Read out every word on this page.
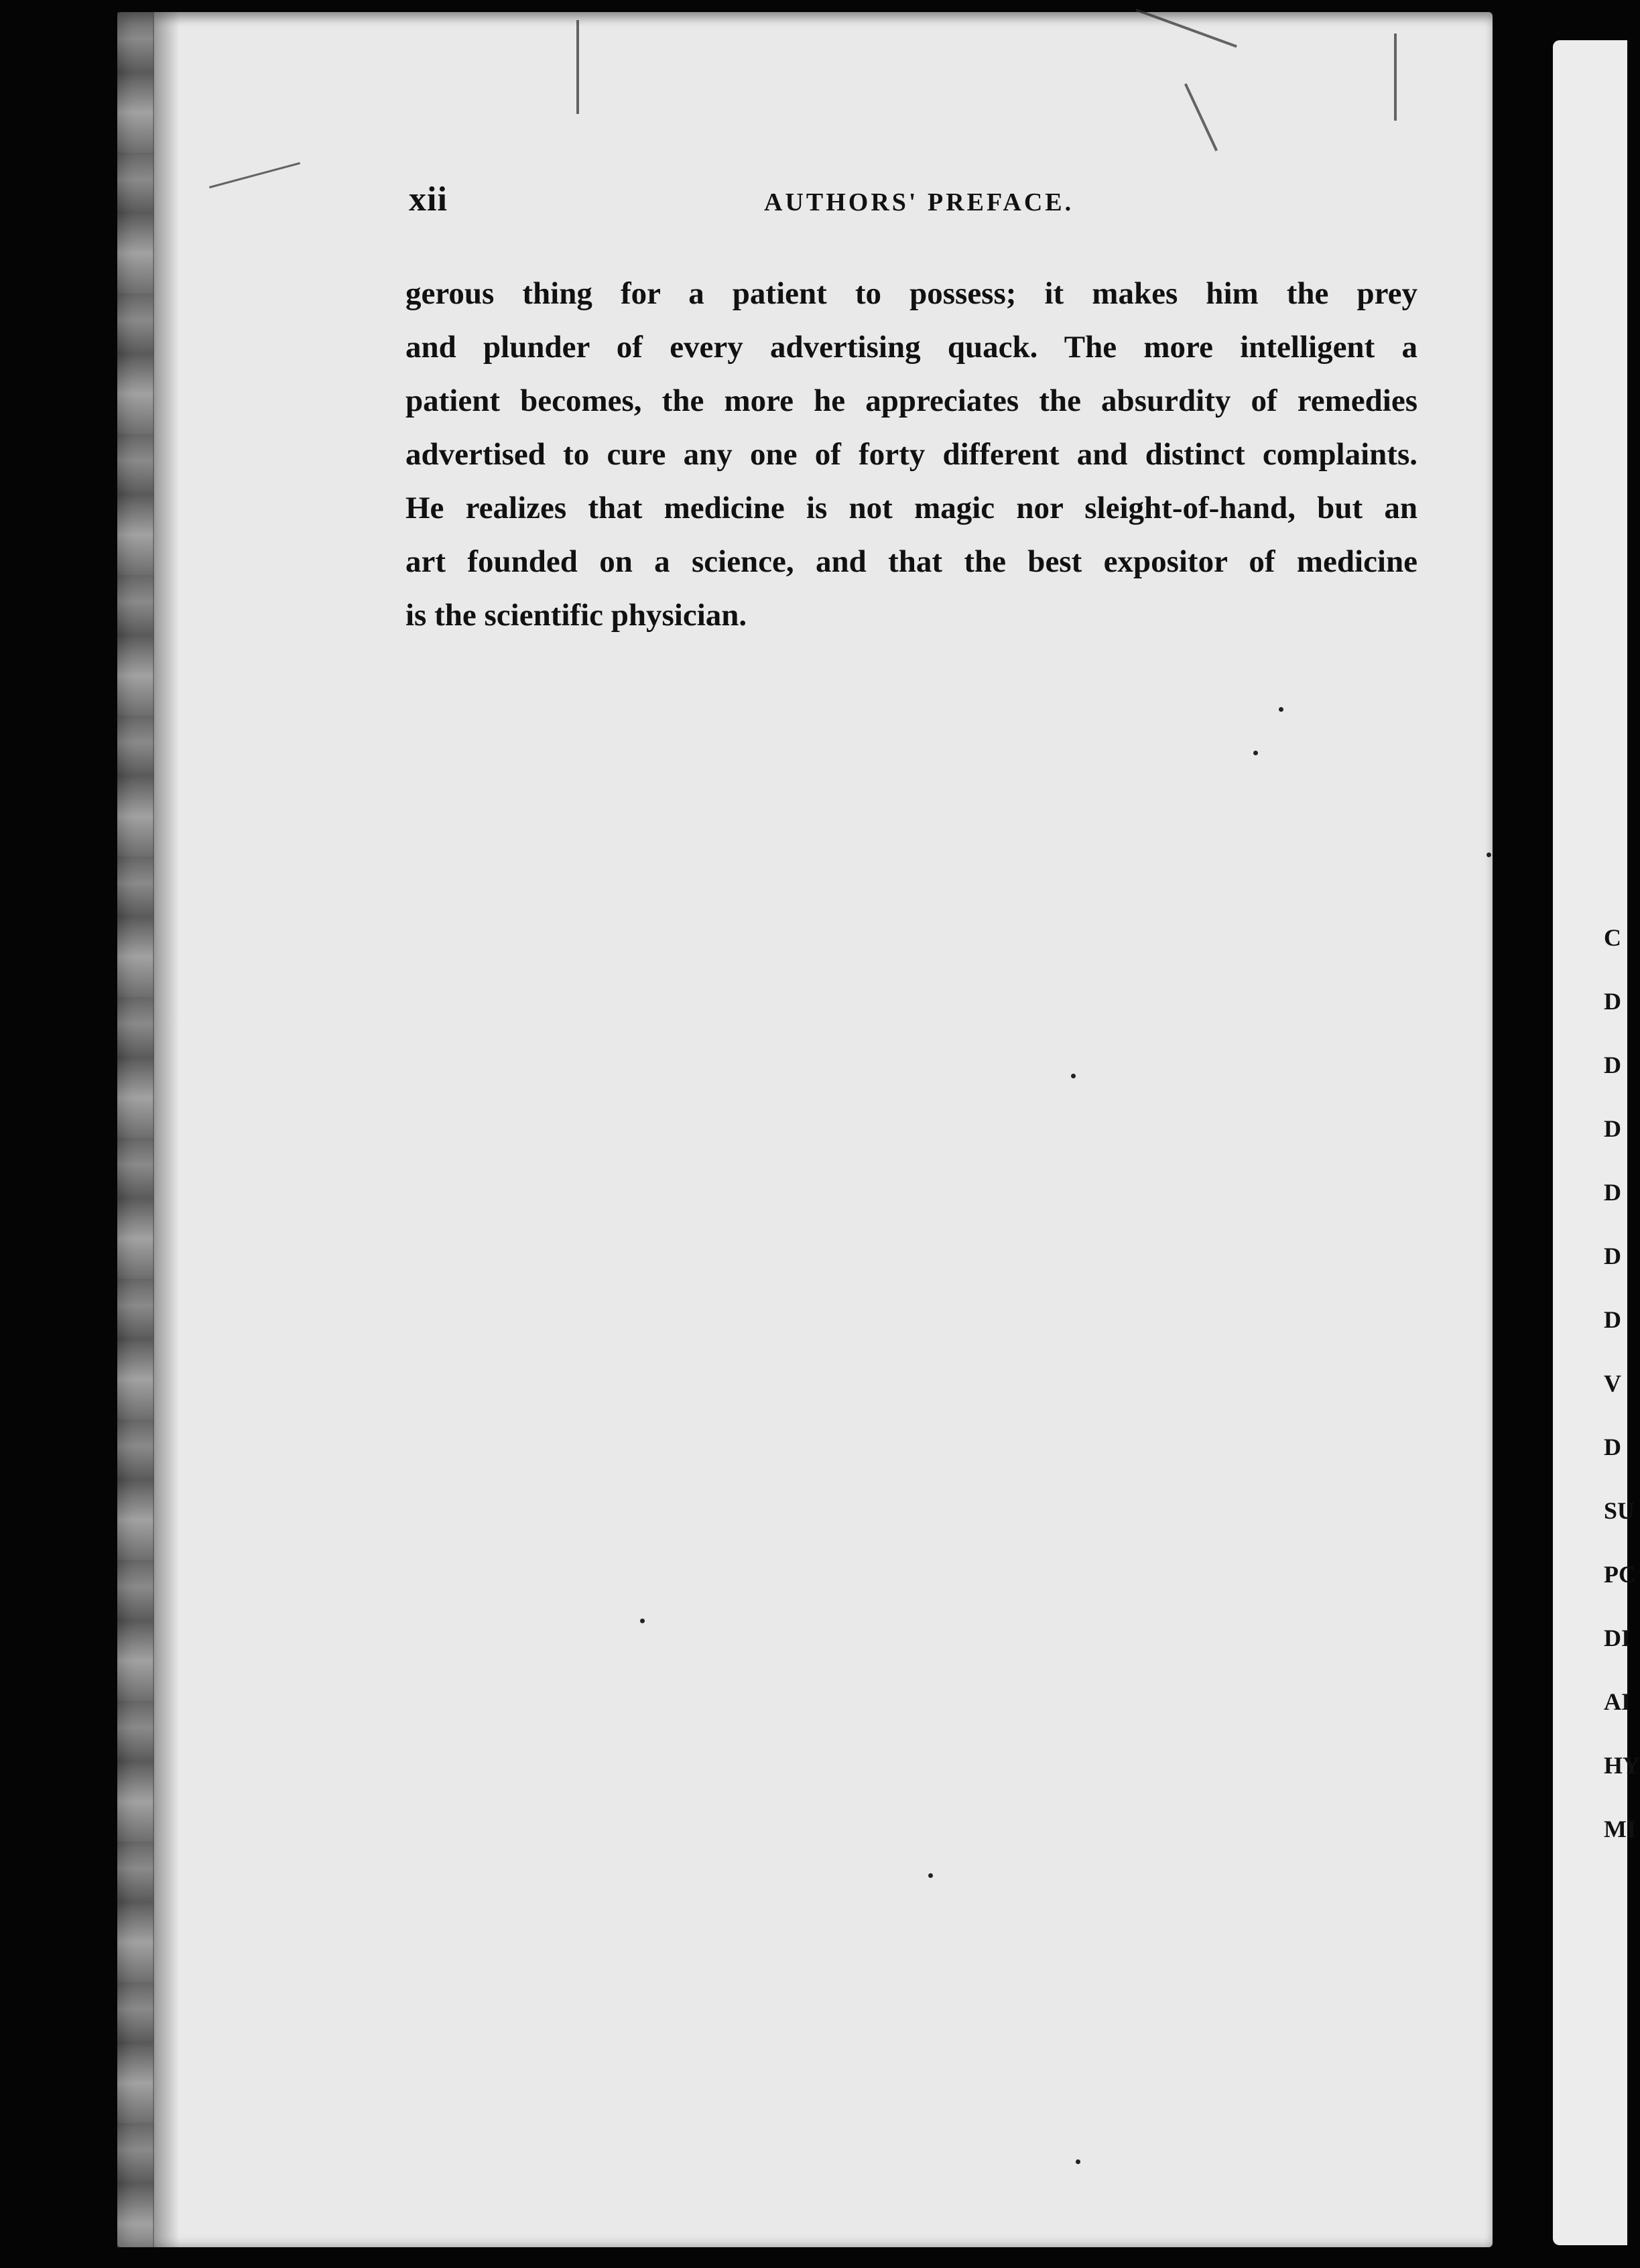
xii	AUTHORS' PREFACE.
gerous thing for a patient to possess; it makes him the prey
and plunder of every advertising quack. The more intelligent a
patient becomes, the more he appreciates the absurdity of remedies
advertised to cure any one of forty different and distinct complaints.
He realizes that medicine is not magic nor sleight-of-hand, but an
art founded on a science, and that the best expositor of medicine
is the scientific physician.
C
D
D
D
D
D
D
V
D
SU
PC
DI
AI
HY
MI
